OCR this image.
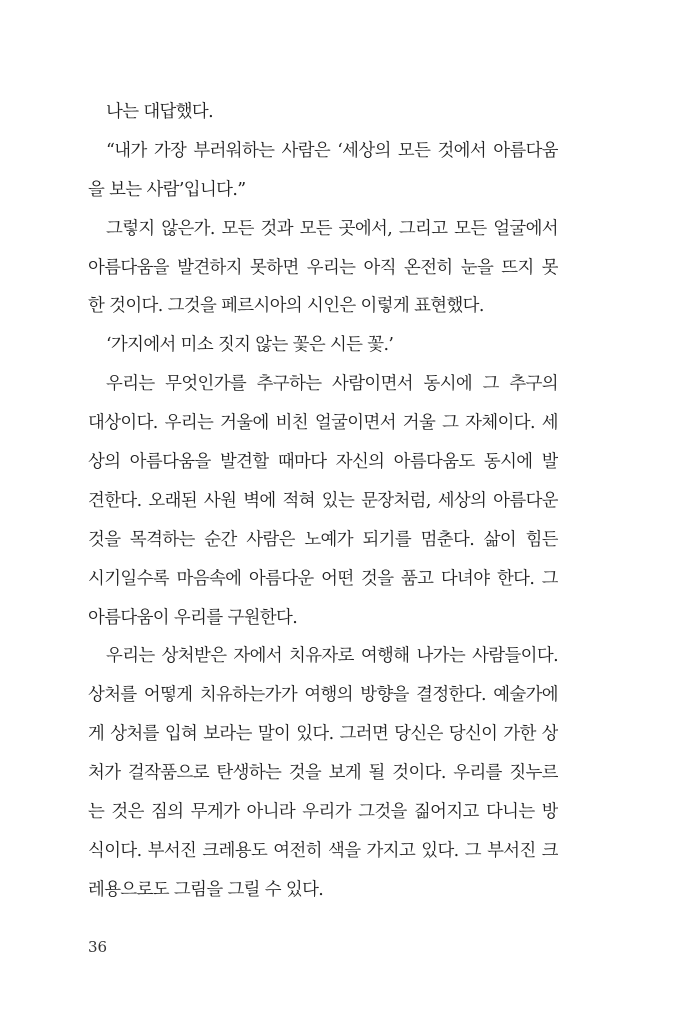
나는 대답했다.
“내가 가장 부러워하는 사람은 ‘세상의 모든 것에서 아름다움
을 보는 사람’입니다.”
그렇지 않은가. 모든 것과 모든 곳에서, 그리고 모든 얼굴에서
아름다움을 발견하지 못하면 우리는 아직 온전히 눈을 뜨지 못
한 것이다. 그것을 페르시아의 시인은 이렇게 표현했다.
‘가지에서 미소 짓지 않는 꽃은 시든 꽃.’
우리는 무엇인가를 추구하는 사람이면서 동시에 그 추구의
대상이다. 우리는 거울에 비친 얼굴이면서 거울 그 자체이다. 세
상의 아름다움을 발견할 때마다 자신의 아름다움도 동시에 발
견한다. 오래된 사원 벽에 적혀 있는 문장처럼, 세상의 아름다운
것을 목격하는 순간 사람은 노예가 되기를 멈춘다. 삶이 힘든
시기일수록 마음속에 아름다운 어떤 것을 품고 다녀야 한다. 그
아름다움이 우리를 구원한다.
우리는 상처받은 자에서 치유자로 여행해 나가는 사람들이다.
상처를 어떻게 치유하는가가 여행의 방향을 결정한다. 예술가에
게 상처를 입혀 보라는 말이 있다. 그러면 당신은 당신이 가한 상
처가 걸작품으로 탄생하는 것을 보게 될 것이다. 우리를 짓누르
는 것은 짐의 무게가 아니라 우리가 그것을 짊어지고 다니는 방
식이다. 부서진 크레용도 여전히 색을 가지고 있다. 그 부서진 크
레용으로도 그림을 그릴 수 있다.
36
